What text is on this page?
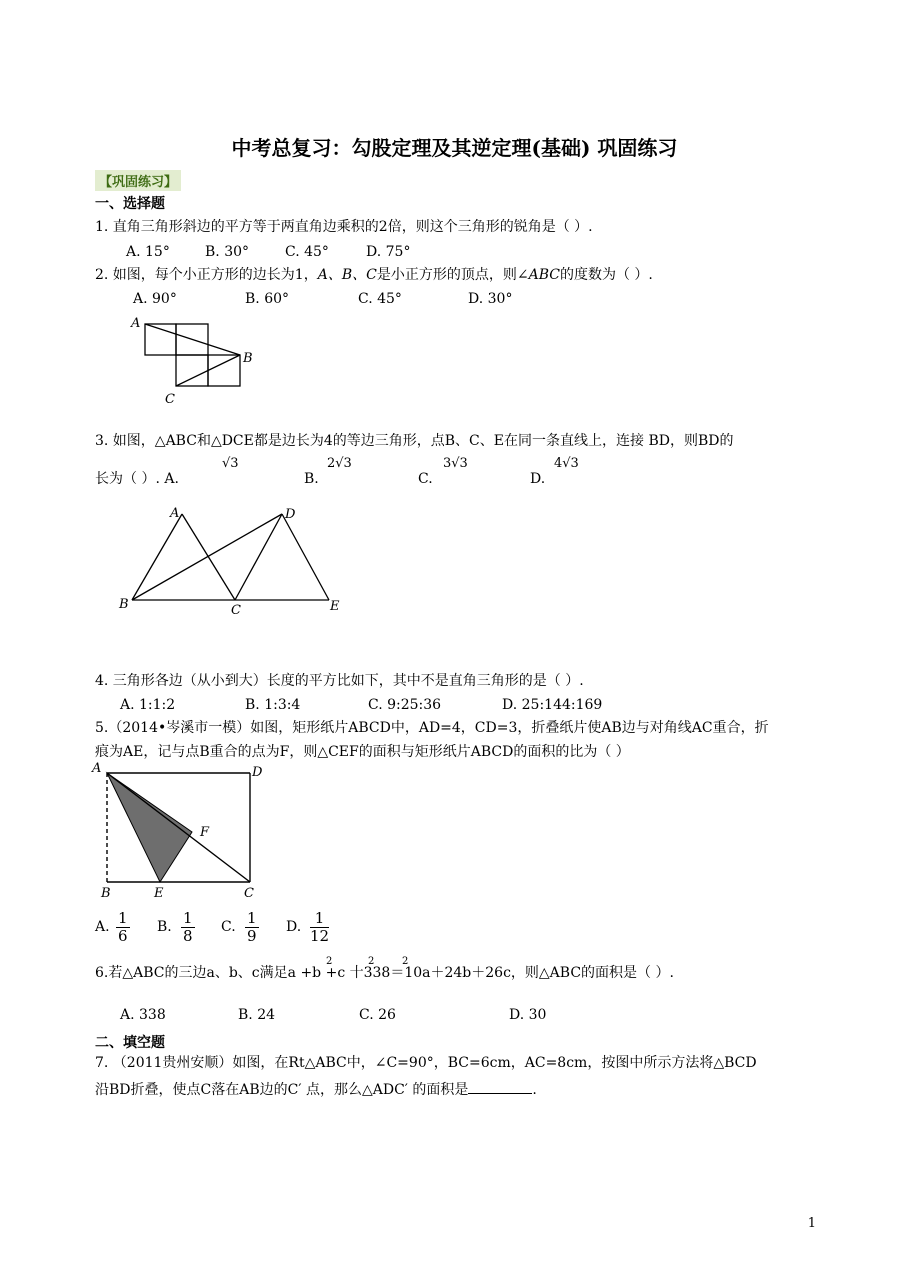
中考总复习：勾股定理及其逆定理(基础) 巩固练习
【巩固练习】
一、选择题
1. 直角三角形斜边的平方等于两直角边乘积的2倍，则这个三角形的锐角是（ ）.
A. 15°	B. 30°	C. 45°	D. 75°
2. 如图，每个小正方形的边长为1，A、B、C是小正方形的顶点，则∠ABC的度数为（ ）.
A. 90°	B. 60°	C. 45°	D. 30°
A
B
C
3. 如图，△ABC和△DCE都是边长为4的等边三角形，点B、C、E在同一条直线上，连接 BD，则BD的
长为（ ）. A.
√3
B.
2√3
C.
3√3
D.
4√3
A	D
B	C	E
4. 三角形各边（从小到大）长度的平方比如下，其中不是直角三角形的是（ ）.
A. 1:1:2	B. 1:3:4	C. 9:25:36	D. 25:144:169
5.（2014•岑溪市一模）如图，矩形纸片ABCD中，AD=4，CD=3，折叠纸片使AB边与对角线AC重合，折
痕为AE，记与点B重合的点为F，则△CEF的面积与矩形纸片ABCD的面积的比为（ ）
A	D
F
B	E	C
A. $\frac{1}{6} B$. $\frac{1}{8} C$. $\frac{1}{9} D$. $\frac{1}{12}$
6.若△ABC的三边a、b、c满足a +b +c 十338＝10a＋24b＋26c，则△ABC的面积是（ ）.
2	2	2
A. 338	B. 24	C. 26	D. 30
二、填空题
7. （2011贵州安顺）如图，在Rt△ABC中，∠C=90°，BC=6cm，AC=8cm，按图中所示方法将△BCD
沿BD折叠，使点C落在AB边的C′ 点，那么△ADC′ 的面积是	.
1
